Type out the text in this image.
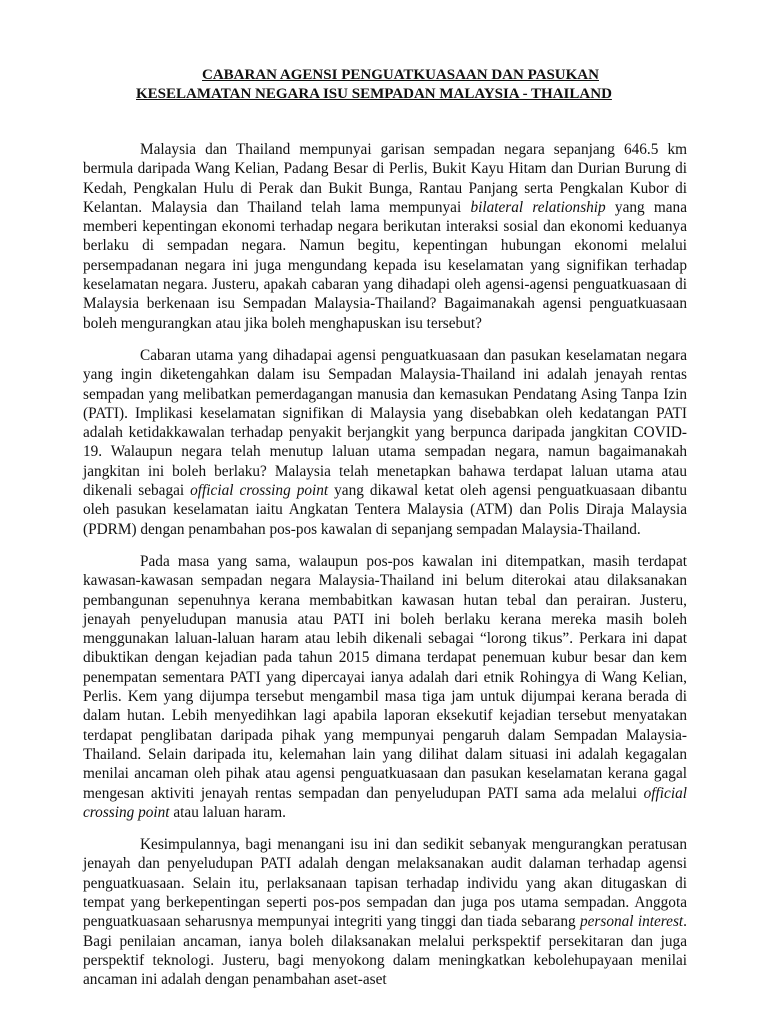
CABARAN AGENSI PENGUATKUASAAN DAN PASUKAN
KESELAMATAN NEGARA ISU SEMPADAN MALAYSIA - THAILAND

Malaysia dan Thailand mempunyai garisan sempadan negara sepanjang 646.5 km bermula daripada Wang Kelian, Padang Besar di Perlis, Bukit Kayu Hitam dan Durian Burung di Kedah, Pengkalan Hulu di Perak dan Bukit Bunga, Rantau Panjang serta Pengkalan Kubor di Kelantan. Malaysia dan Thailand telah lama mempunyai bilateral relationship yang mana memberi kepentingan ekonomi terhadap negara berikutan interaksi sosial dan ekonomi keduanya berlaku di sempadan negara. Namun begitu, kepentingan hubungan ekonomi melalui persempadanan negara ini juga mengundang kepada isu keselamatan yang signifikan terhadap keselamatan negara. Justeru, apakah cabaran yang dihadapi oleh agensi-agensi penguatkuasaan di Malaysia berkenaan isu Sempadan Malaysia-Thailand? Bagaimanakah agensi penguatkuasaan boleh mengurangkan atau jika boleh menghapuskan isu tersebut?

Cabaran utama yang dihadapai agensi penguatkuasaan dan pasukan keselamatan negara yang ingin diketengahkan dalam isu Sempadan Malaysia-Thailand ini adalah jenayah rentas sempadan yang melibatkan pemerdagangan manusia dan kemasukan Pendatang Asing Tanpa Izin (PATI). Implikasi keselamatan signifikan di Malaysia yang disebabkan oleh kedatangan PATI adalah ketidakkawalan terhadap penyakit berjangkit yang berpunca daripada jangkitan COVID-19. Walaupun negara telah menutup laluan utama sempadan negara, namun bagaimanakah jangkitan ini boleh berlaku? Malaysia telah menetapkan bahawa terdapat laluan utama atau dikenali sebagai official crossing point yang dikawal ketat oleh agensi penguatkuasaan dibantu oleh pasukan keselamatan iaitu Angkatan Tentera Malaysia (ATM) dan Polis Diraja Malaysia (PDRM) dengan penambahan pos-pos kawalan di sepanjang sempadan Malaysia-Thailand.

Pada masa yang sama, walaupun pos-pos kawalan ini ditempatkan, masih terdapat kawasan-kawasan sempadan negara Malaysia-Thailand ini belum diterokai atau dilaksanakan pembangunan sepenuhnya kerana membabitkan kawasan hutan tebal dan perairan. Justeru, jenayah penyeludupan manusia atau PATI ini boleh berlaku kerana mereka masih boleh menggunakan laluan-laluan haram atau lebih dikenali sebagai “lorong tikus”. Perkara ini dapat dibuktikan dengan kejadian pada tahun 2015 dimana terdapat penemuan kubur besar dan kem penempatan sementara PATI yang dipercayai ianya adalah dari etnik Rohingya di Wang Kelian, Perlis. Kem yang dijumpa tersebut mengambil masa tiga jam untuk dijumpai kerana berada di dalam hutan. Lebih menyedihkan lagi apabila laporan eksekutif kejadian tersebut menyatakan terdapat penglibatan daripada pihak yang mempunyai pengaruh dalam Sempadan Malaysia-Thailand. Selain daripada itu, kelemahan lain yang dilihat dalam situasi ini adalah kegagalan menilai ancaman oleh pihak atau agensi penguatkuasaan dan pasukan keselamatan kerana gagal mengesan aktiviti jenayah rentas sempadan dan penyeludupan PATI sama ada melalui official crossing point atau laluan haram.

Kesimpulannya, bagi menangani isu ini dan sedikit sebanyak mengurangkan peratusan jenayah dan penyeludupan PATI adalah dengan melaksanakan audit dalaman terhadap agensi penguatkuasaan. Selain itu, perlaksanaan tapisan terhadap individu yang akan ditugaskan di tempat yang berkepentingan seperti pos-pos sempadan dan juga pos utama sempadan. Anggota penguatkuasaan seharusnya mempunyai integriti yang tinggi dan tiada sebarang personal interest. Bagi penilaian ancaman, ianya boleh dilaksanakan melalui perkspektif persekitaran dan juga perspektif teknologi. Justeru, bagi menyokong dalam meningkatkan kebolehupayaan menilai ancaman ini adalah dengan penambahan aset-aset
